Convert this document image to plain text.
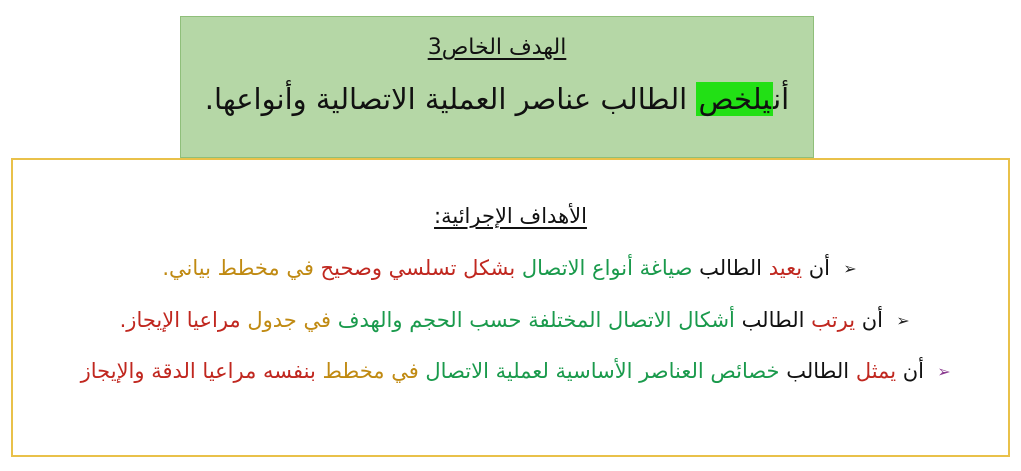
الهدف الخاص3
أنيلخص الطالب عناصر العملية الاتصالية وأنواعها.
الأهداف الإجرائية:
➢
أن يعيد الطالب صياغة أنواع الاتصال بشكل تسلسي وصحيح في مخطط بياني.
➢
أن يرتب الطالب أشكال الاتصال المختلفة حسب الحجم والهدف في جدول مراعيا الإيجاز.
➢
أن يمثل الطالب خصائص العناصر الأساسية لعملية الاتصال في مخطط بنفسه مراعيا الدقة والإيجاز
